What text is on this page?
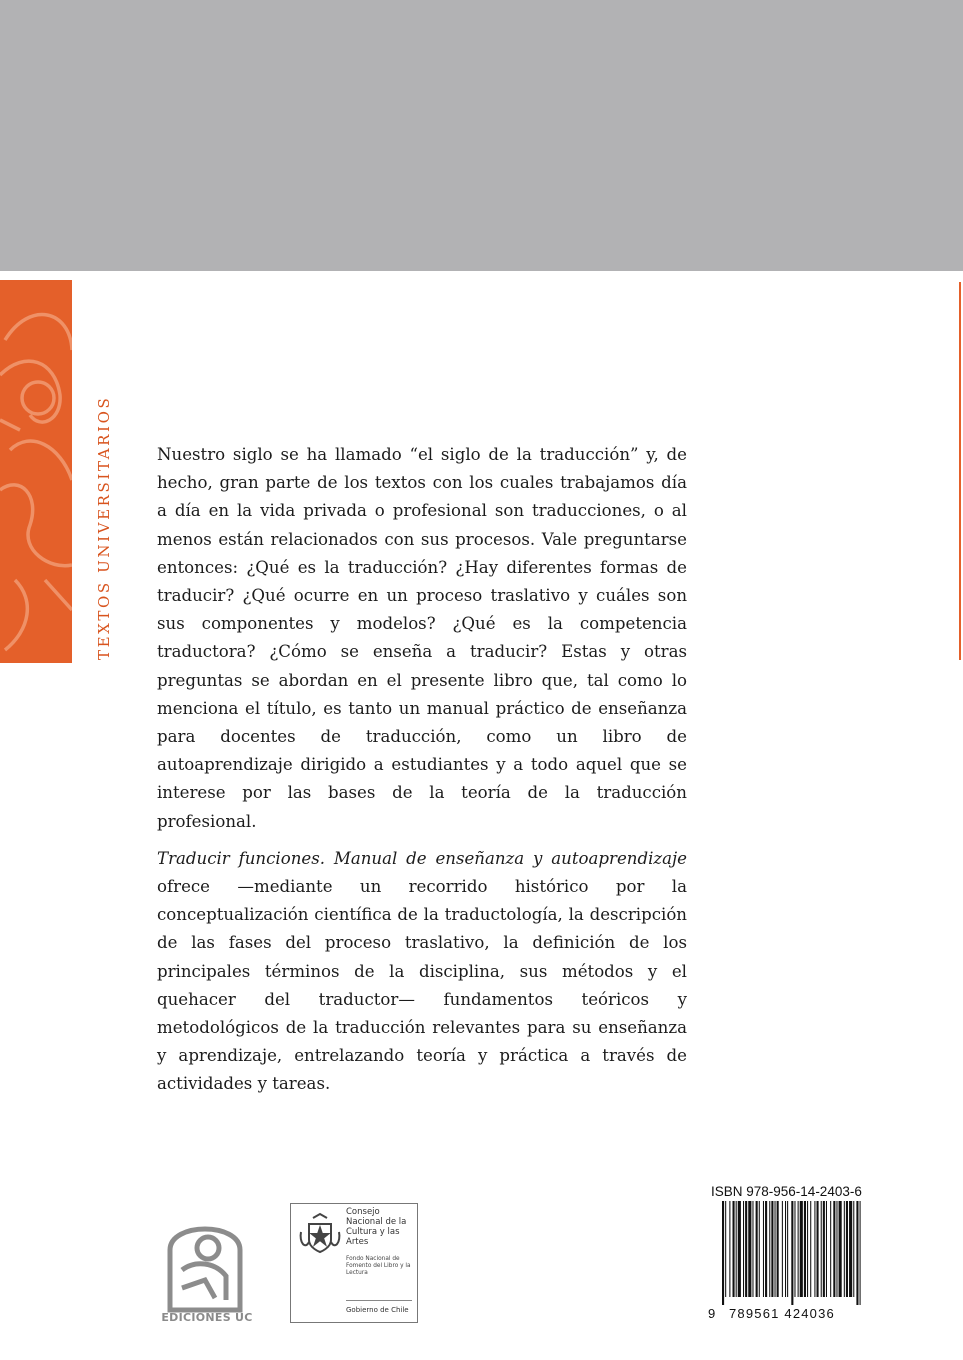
TEXTOS UNIVERSITARIOS	Nuestro siglo se ha llamado “el siglo de la traducción” y, de hecho, gran parte de los textos con los cuales trabajamos día a día en la vida privada o profesional son traducciones, o al menos están relacionados con sus procesos. Vale preguntarse entonces: ¿Qué es la traducción? ¿Hay diferentes formas de traducir? ¿Qué ocurre en un proceso traslativo y cuáles son sus componentes y modelos? ¿Qué es la competencia traductora? ¿Cómo se enseña a traducir? Estas y otras preguntas se abordan en el presente libro que, tal como lo menciona el título, es tanto un manual práctico de enseñanza para docentes de traducción, como un libro de autoaprendizaje dirigido a estudiantes y a todo aquel que se interese por las bases de la teoría de la traducción profesional.

Traducir funciones. Manual de enseñanza y autoaprendizaje ofrece —mediante un recorrido histórico por la conceptualización científica de la traductología, la descripción de las fases del proceso traslativo, la definición de los principales términos de la disciplina, sus métodos y el quehacer del traductor— fundamentos teóricos y metodológicos de la traducción relevantes para su enseñanza y aprendizaje, entrelazando teoría y práctica a través de actividades y tareas.

EDICIONES UC
Consejo Nacional de la Cultura y las Artes
Fondo Nacional de Fomento del Libro y la Lectura
Gobierno de Chile
ISBN 978-956-14-2403-6
9 789561 424036
